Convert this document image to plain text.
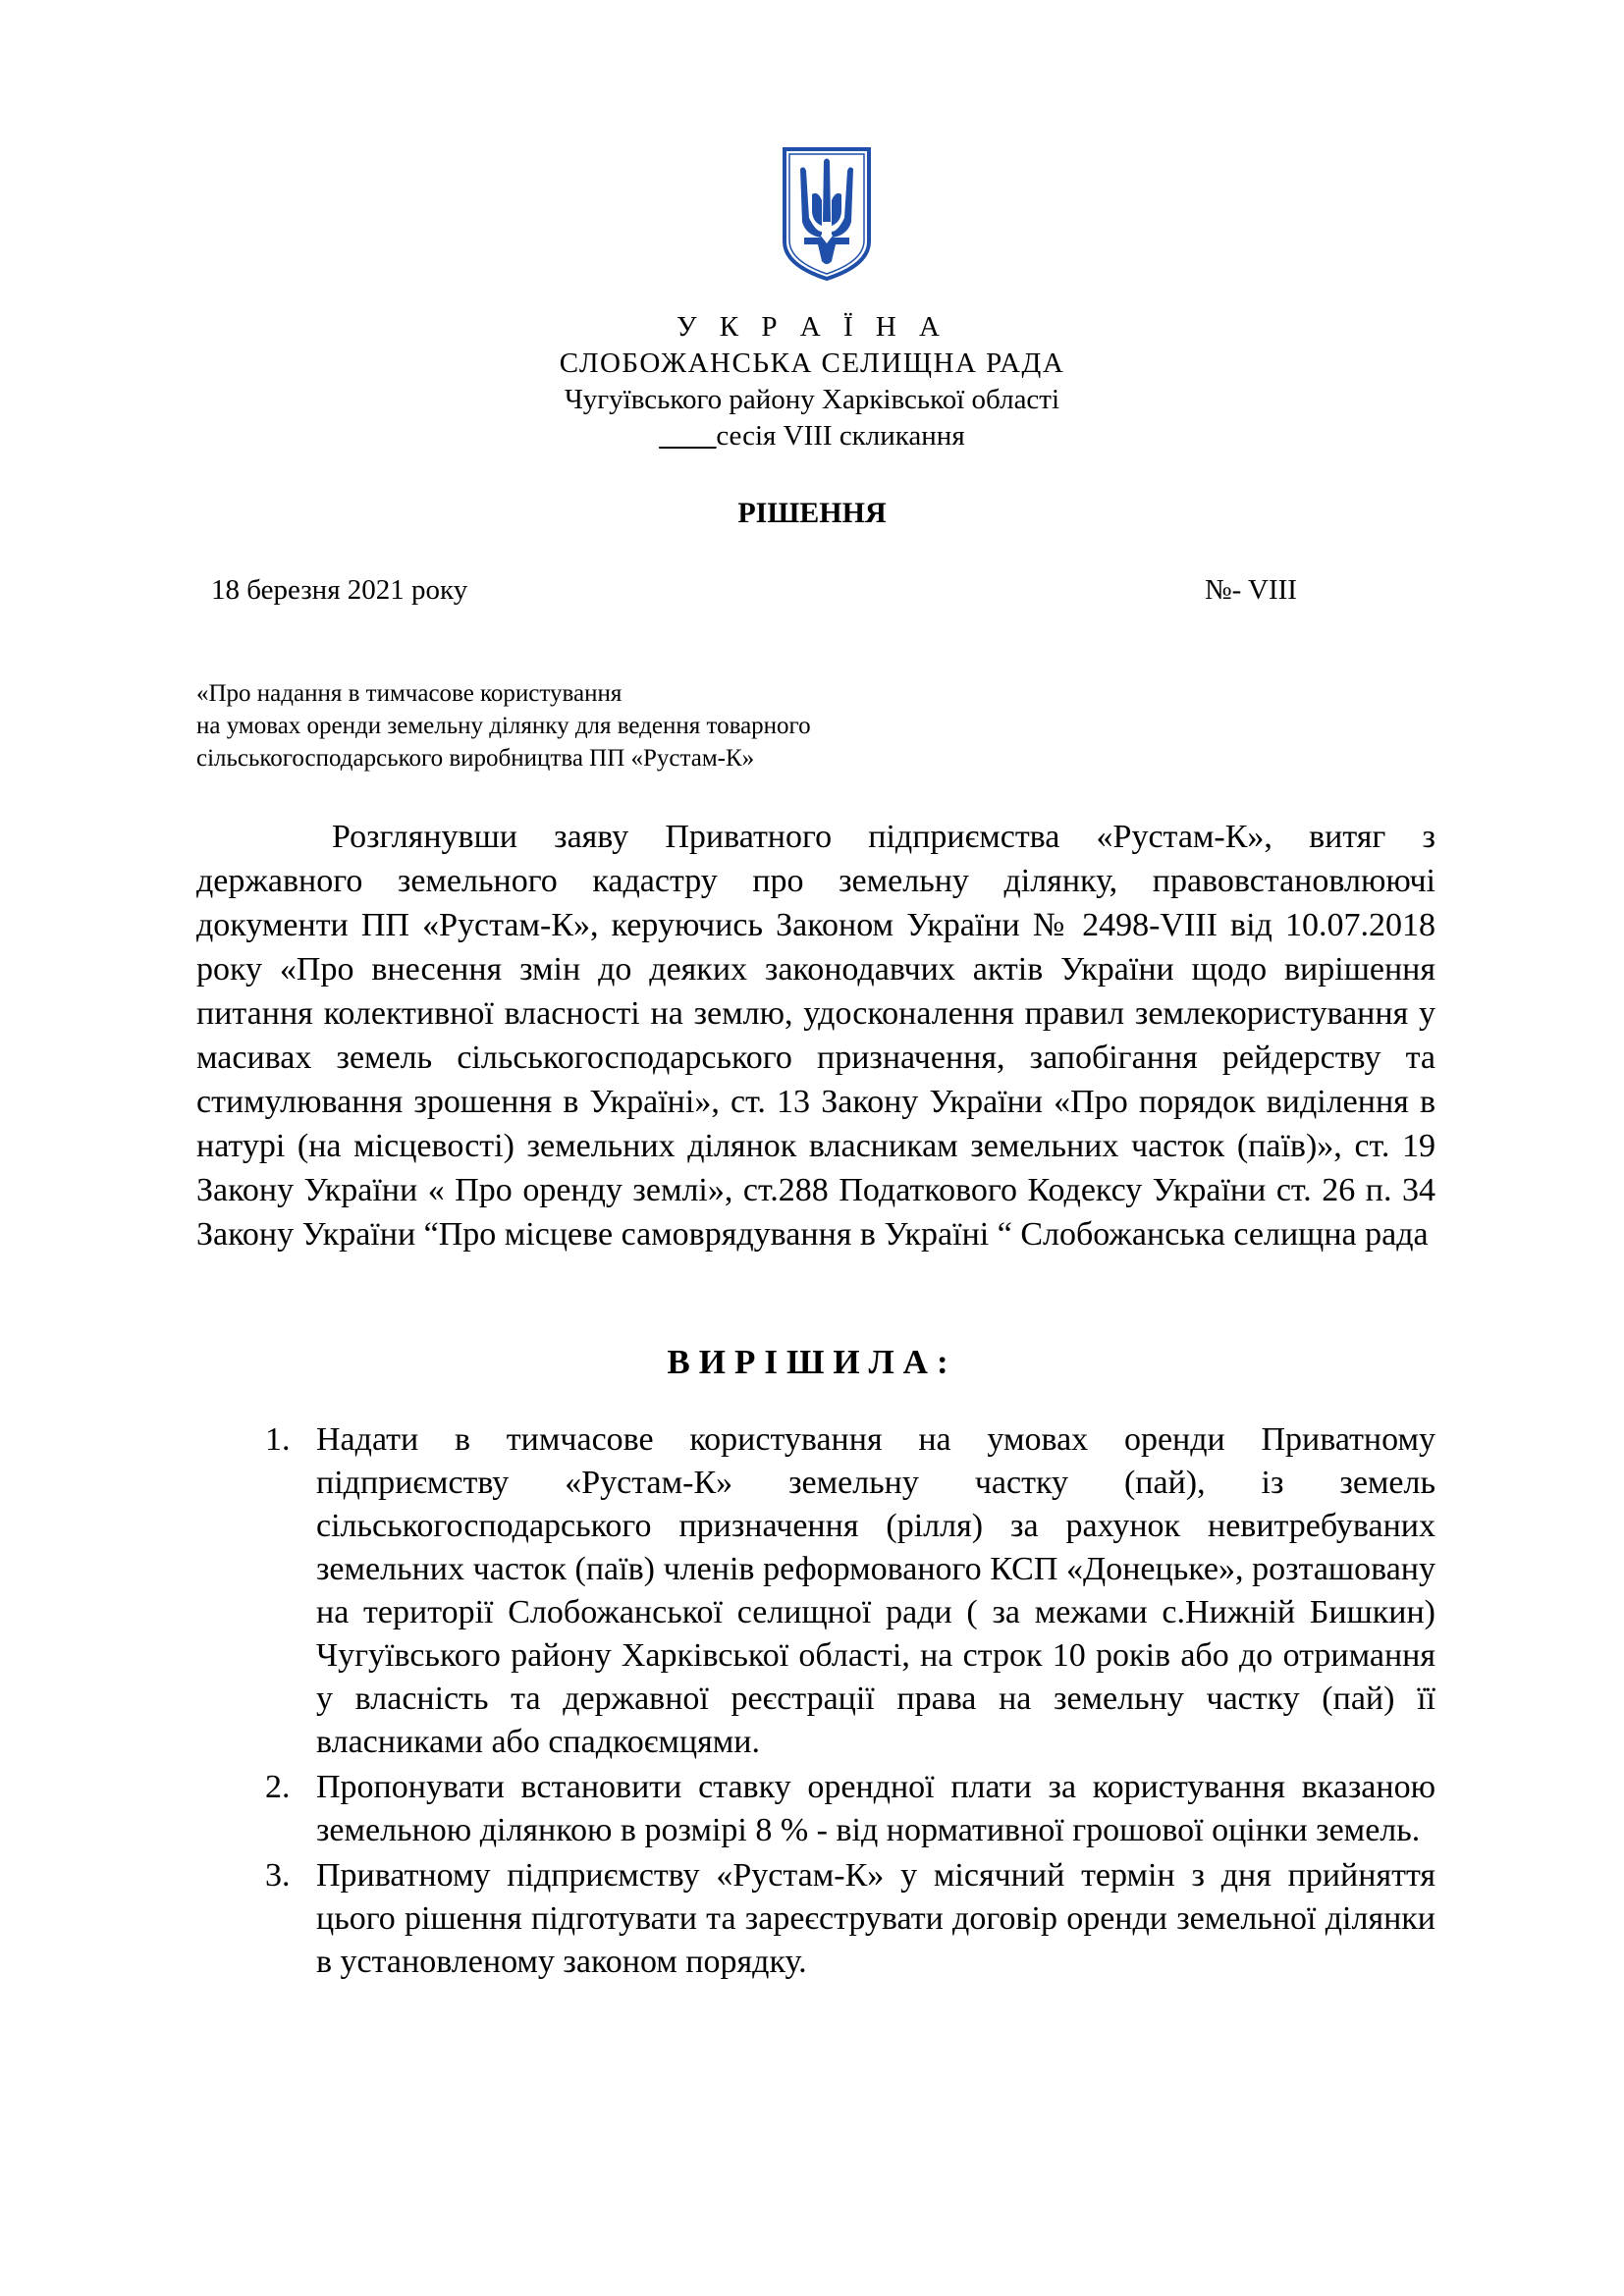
У К Р А Ї Н А
СЛОБОЖАНСЬКА СЕЛИЩНА РАДА
Чугуївського району Харківської області
____сесія VIII скликання
РІШЕННЯ
18 березня 2021 року	№- VIII
«Про надання в тимчасове користування
на умовах оренди земельну ділянку для ведення товарного
сільськогосподарського виробництва ПП «Рустам-К»
Розглянувши заяву Приватного підприємства «Рустам-К», витяг з державного земельного кадастру про земельну ділянку, правовстановлюючі документи ПП «Рустам-К», керуючись Законом України № 2498-VIII від 10.07.2018 року «Про внесення змін до деяких законодавчих актів України щодо вирішення питання колективної власності на землю, удосконалення правил землекористування у масивах земель сільськогосподарського призначення, запобігання рейдерству та стимулювання зрошення в Україні», ст. 13 Закону України «Про порядок виділення в натурі (на місцевості) земельних ділянок власникам земельних часток (паїв)», ст. 19 Закону України « Про оренду землі», ст.288 Податкового Кодексу України ст. 26 п. 34 Закону України “Про місцеве самоврядування в Україні “ Слобожанська селищна рада
ВИРІШИЛА:
1. Надати в тимчасове користування на умовах оренди Приватному підприємству «Рустам-К» земельну частку (пай), із земель сільськогосподарського призначення (рілля) за рахунок невитребуваних земельних часток (паїв) членів реформованого КСП «Донецьке», розташовану на території Слобожанської селищної ради ( за межами с.Нижній Бишкин) Чугуївського району Харківської області, на строк 10 років або до отримання у власність та державної реєстрації права на земельну частку (пай) її власниками або спадкоємцями.
2. Пропонувати встановити ставку орендної плати за користування вказаною земельною ділянкою в розмірі 8 % - від нормативної грошової оцінки земель.
3. Приватному підприємству «Рустам-К» у місячний термін з дня прийняття цього рішення підготувати та зареєструвати договір оренди земельної ділянки в установленому законом порядку.
